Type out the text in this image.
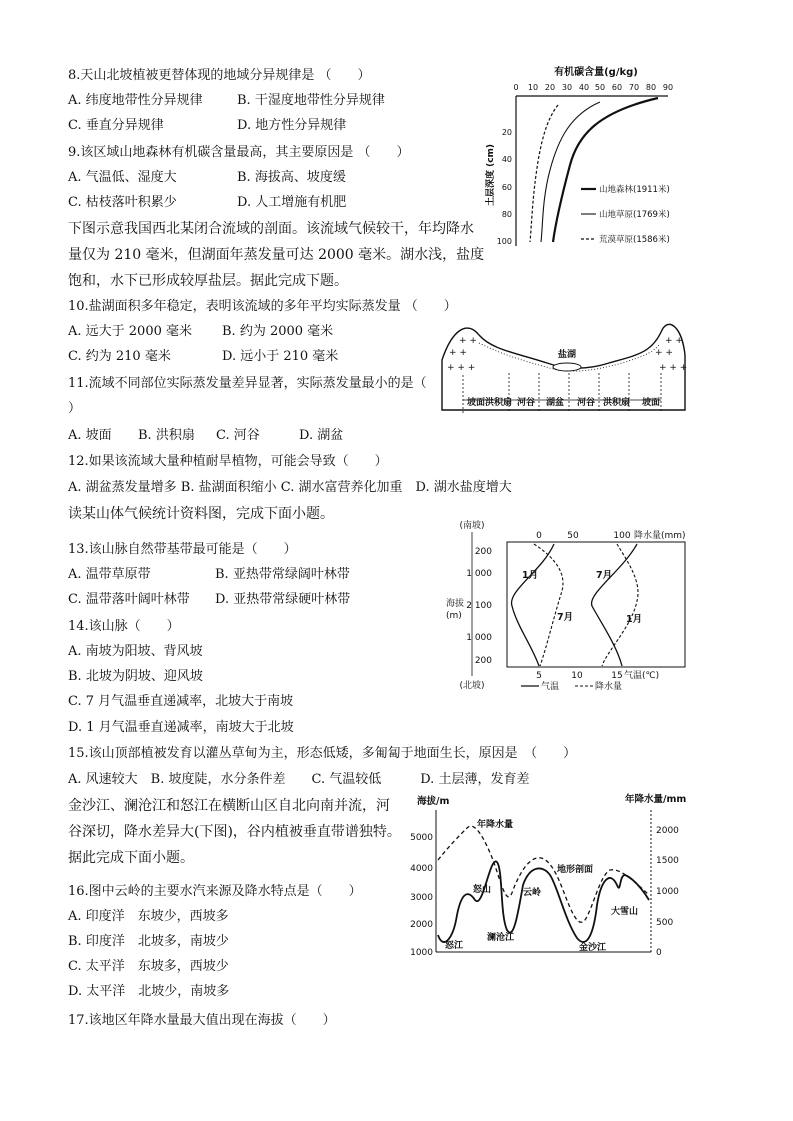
8.天山北坡植被更替体现的地域分异规律是 （　　）
A. 纬度地带性分异规律	B. 干湿度地带性分异规律
C. 垂直分异规律	D. 地方性分异规律
9.该区域山地森林有机碳含量最高，其主要原因是 （　　）
A. 气温低、湿度大	B. 海拔高、坡度缓
C. 枯枝落叶积累少	D. 人工增施有机肥
下图示意我国西北某闭合流域的剖面。该流域气候较干，年均降水
量仅为 210 毫米，但湖面年蒸发量可达 2000 毫米。湖水浅，盐度
饱和，水下已形成较厚盐层。据此完成下题。
10.盐湖面积多年稳定，表明该流域的多年平均实际蒸发量 （　　）
A. 远大于 2000 毫米 B. 约为 2000 毫米
C. 约为 210 毫米	D. 远小于 210 毫米
11.流域不同部位实际蒸发量差异显著，实际蒸发量最小的是（
）
A. 坡面 B. 洪积扇 C. 河谷	D. 湖盆
12.如果该流域大量种植耐旱植物，可能会导致（　　）
A. 湖盆蒸发量增多 B. 盐湖面积缩小 C. 湖水富营养化加重　D. 湖水盐度增大
读某山体气候统计资料图，完成下面小题。
13.该山脉自然带基带最可能是（　　）
A. 温带草原带	B. 亚热带常绿阔叶林带
C. 温带落叶阔叶林带 D. 亚热带常绿硬叶林带
14.该山脉（　　）
A. 南坡为阳坡、背风坡
B. 北坡为阴坡、迎风坡
C. 7 月气温垂直递减率，北坡大于南坡
D. 1 月气温垂直递减率，南坡大于北坡
15.该山顶部植被发育以灌丛草甸为主，形态低矮，多匍匐于地面生长，原因是　（　　）
A. 风速较大　B. 坡度陡，水分条件差　　C. 气温较低　　　D. 土层薄，发育差
金沙江、澜沧江和怒江在横断山区自北向南并流，河
谷深切，降水差异大(下图)，谷内植被垂直带谱独特。
据此完成下面小题。
16.图中云岭的主要水汽来源及降水特点是（　　）
A. 印度洋　东坡少，西坡多
B. 印度洋　北坡多，南坡少
C. 太平洋　东坡多，西坡少
D. 太平洋　北坡少，南坡多
17.该地区年降水量最大值出现在海拔（　　）
有机碳含量(g/kg)
0 10 20 30 40 50 60 70 80 90
20
40
60
80
100
土层深度 (cm)	山地森林(1911米)
山地草原(1769米)
荒漠草原(1586米)
盐湖
+ +
+ + +
+ +
+ +
+ + +
+ +
坡面 洪积扇 河谷 湖盆 河谷 洪积扇 坡面
(南坡)
(北坡)
海拔
(m)
200
1 000
2 100
1 000
200
0	50	100 降水量(mm)
5	10	15 气温(℃)
1月	7月
7月	1月
气温	降水量
海拔/m	年降水量/mm
5000
4000
3000
2000
1000
2000
1500
1000
500
0
年降水量
地形剖面
怒山
怒江
澜沧江
云岭
金沙江
大雪山
